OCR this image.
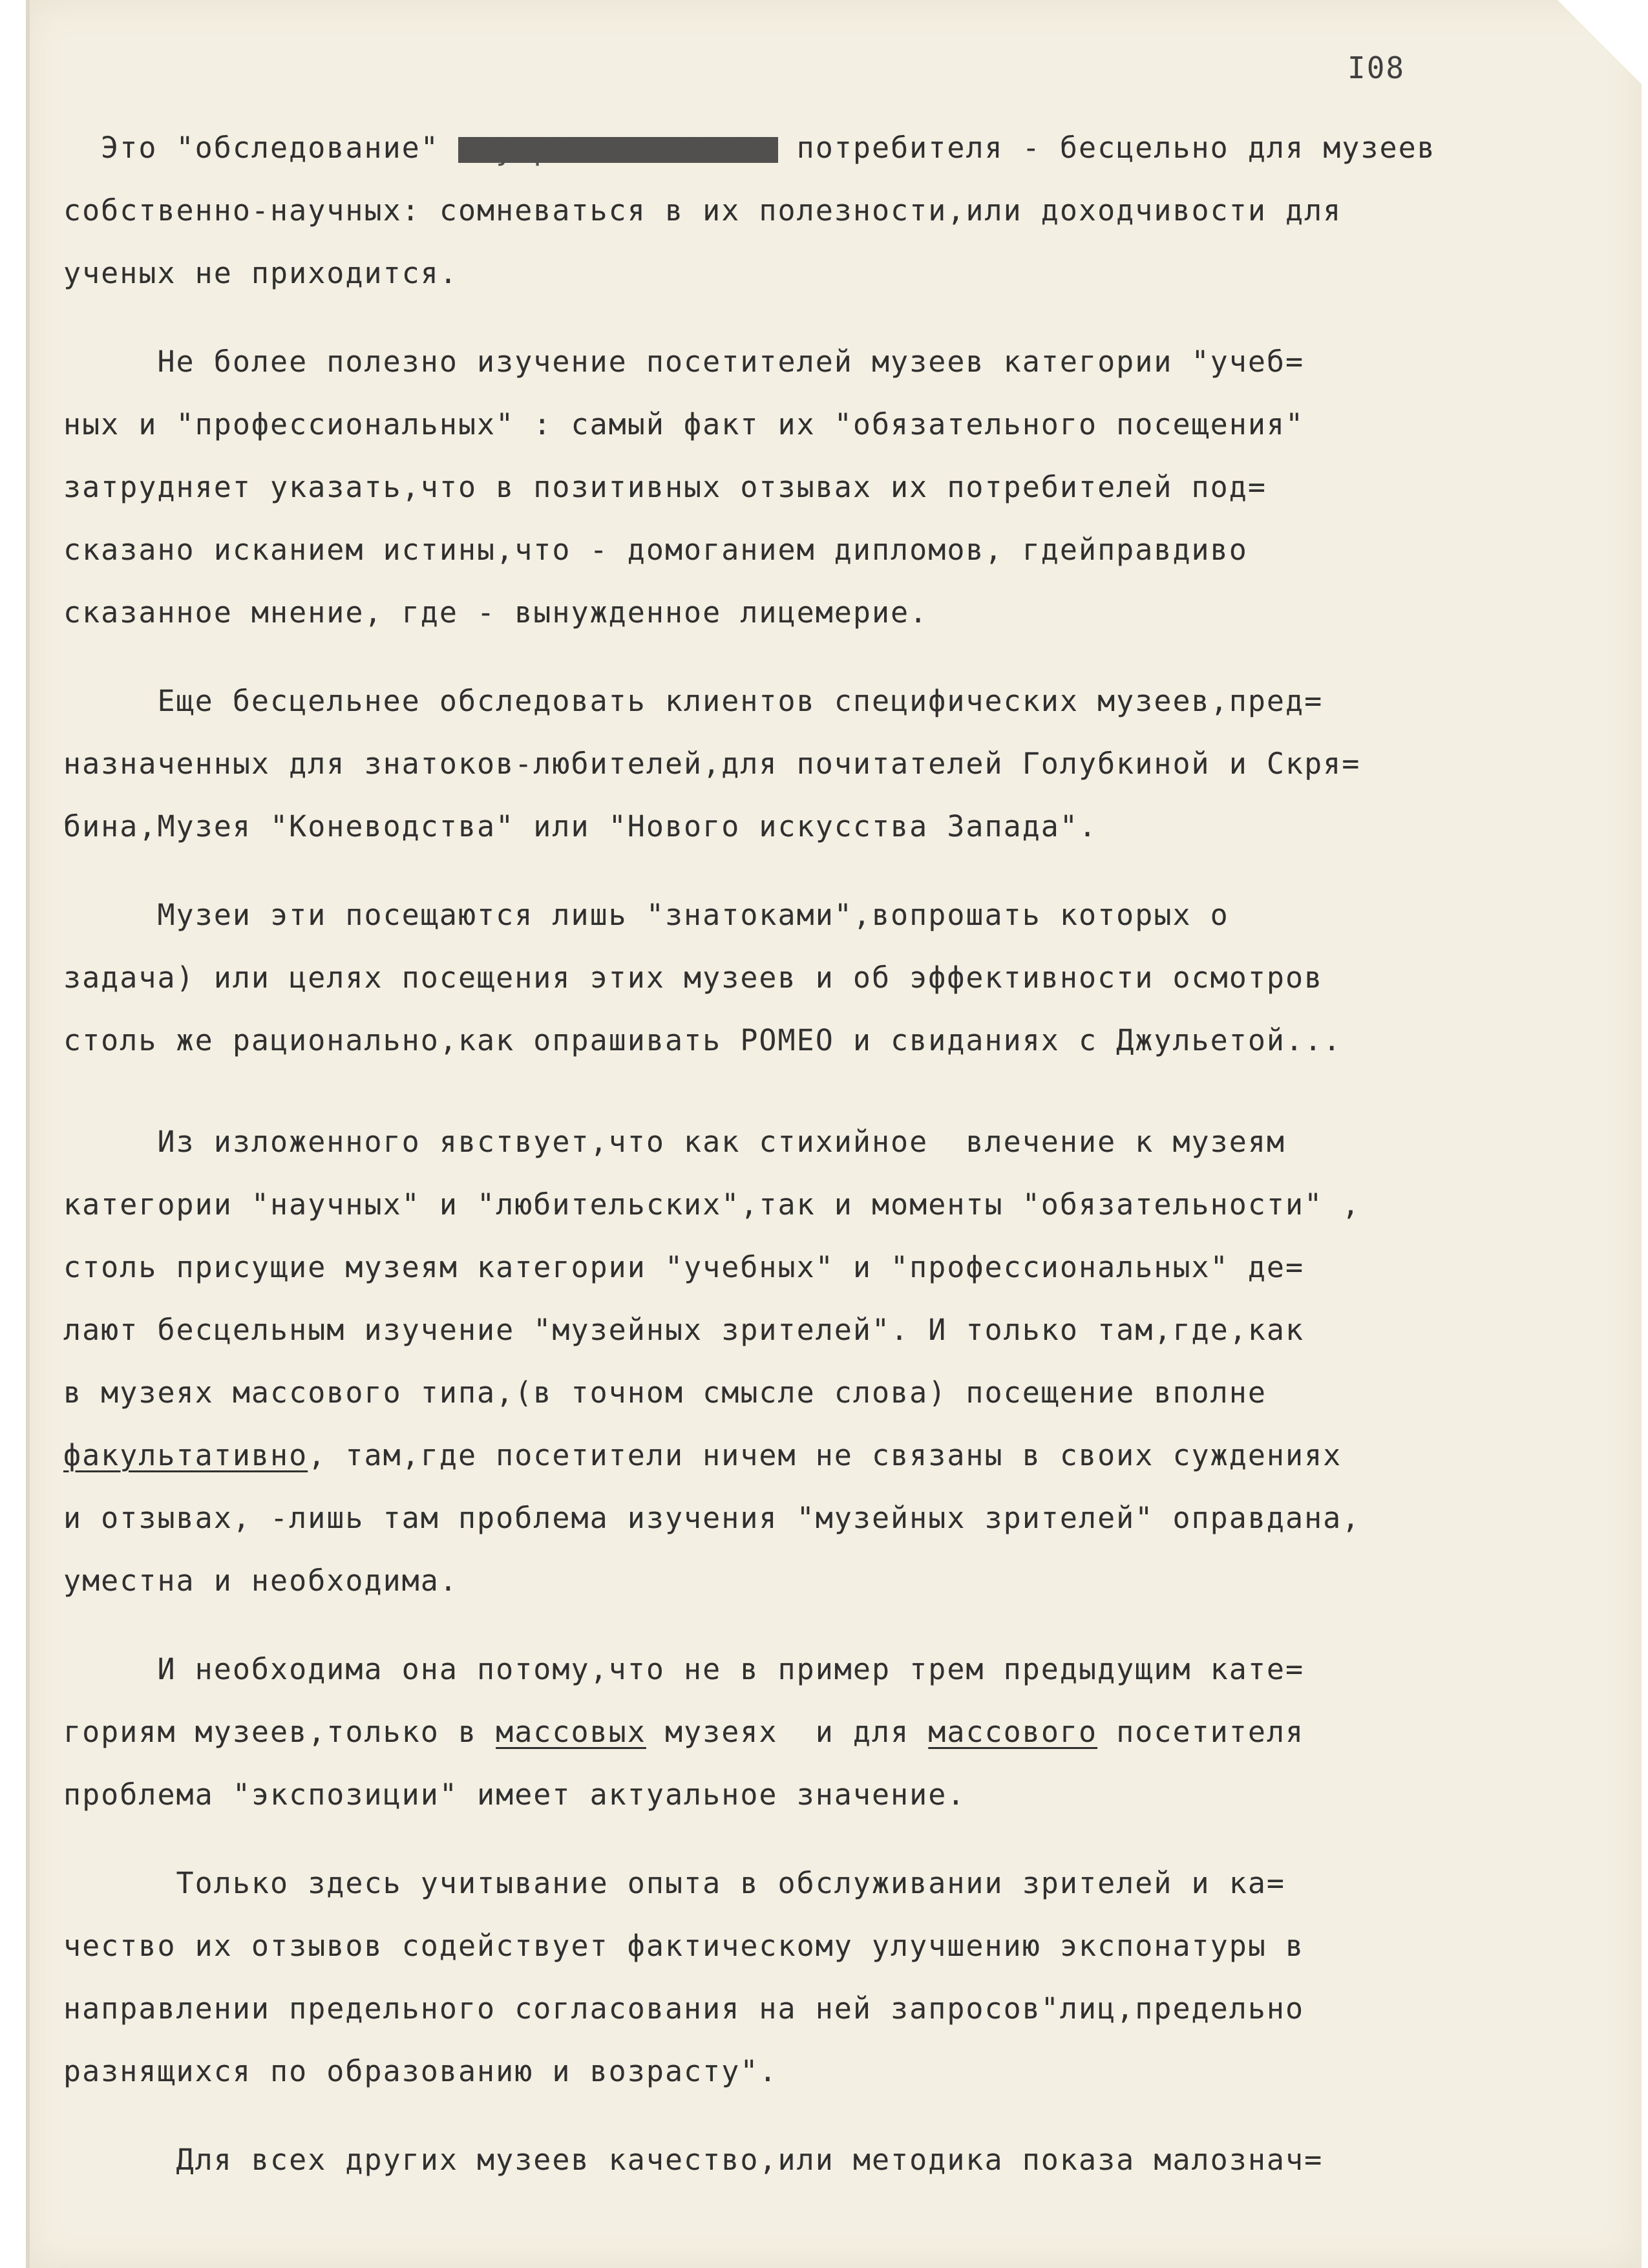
I08
Это "обследование" внутреннее мнение потребителя - бесцельно для музеев
собственно-научных: сомневаться в их полезности,или доходчивости для
ученых не приходится.
Не более полезно изучение посетителей музеев категории "учеб=
ных и "профессиональных" : самый факт их "обязательного посещения"
затрудняет указать,что в позитивных отзывах их потребителей под=
сказано исканием истины,что - домоганием дипломов, гдейправдиво
сказанное мнение, где - вынужденное лицемерие.
Еще бесцельнее обследовать клиентов специфических музеев,пред=
назначенных для знатоков-любителей,для почитателей Голубкиной и Скря=
бина,Музея "Коневодства" или "Нового искусства Запада".
Музеи эти посещаются лишь "знатоками",вопрошать которых о
задача) или целях посещения этих музеев и об эффективности осмотров
столь же рационально,как опрашивать РОМЕО и свиданиях с Джульетой...
Из изложенного явствует,что как стихийное  влечение к музеям
категории "научных" и "любительских",так и моменты "обязательности" ,
столь присущие музеям категории "учебных" и "профессиональных" де=
лают бесцельным изучение "музейных зрителей". И только там,где,как
в музеях массового типа,(в точном смысле слова) посещение вполне
факультативно, там,где посетители ничем не связаны в своих суждениях
и отзывах, -лишь там проблема изучения "музейных зрителей" оправдана,
уместна и необходима.
И необходима она потому,что не в пример трем предыдущим кате=
гориям музеев,только в массовых музеях  и для массового посетителя
проблема "экспозиции" имеет актуальное значение.
Только здесь учитывание опыта в обслуживании зрителей и ка=
чество их отзывов содействует фактическому улучшению экспонатуры в
направлении предельного согласования на ней запросов"лиц,предельно
разнящихся по образованию и возрасту".
Для всех других музеев качество,или методика показа малознач=
